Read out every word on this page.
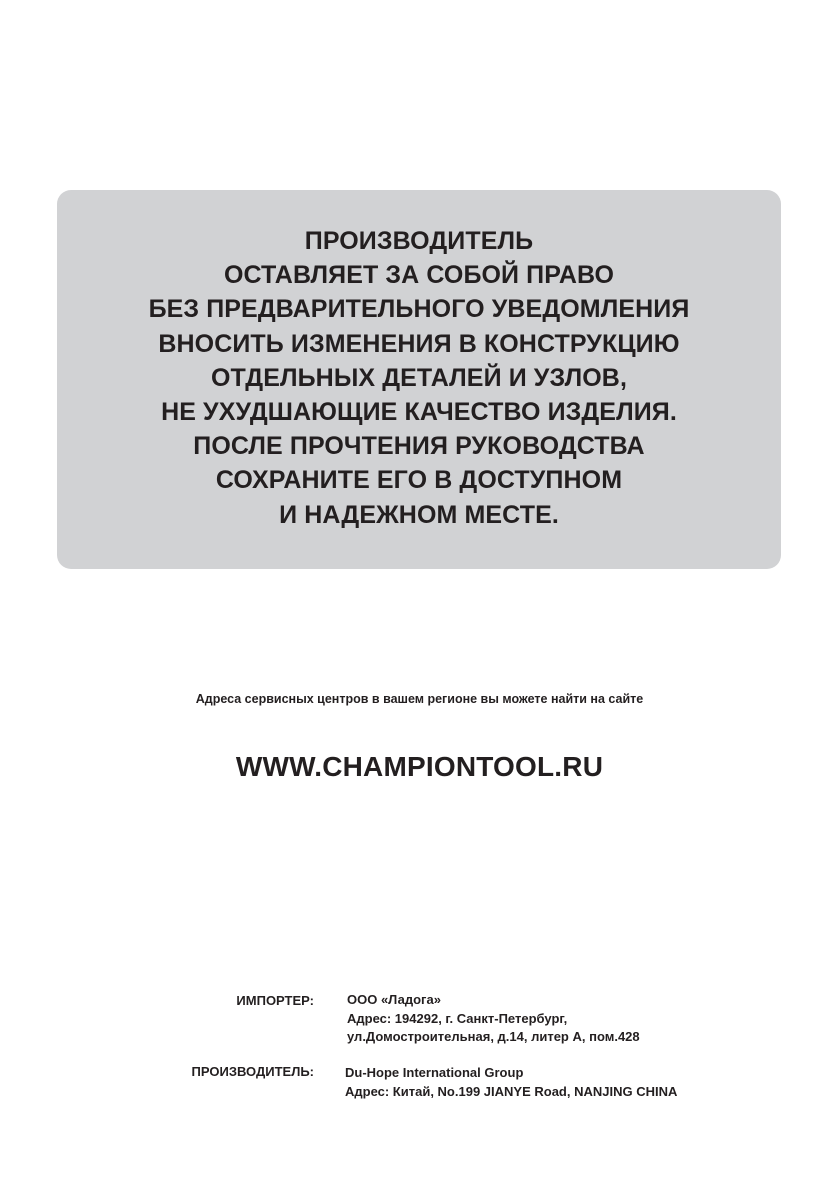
ПРОИЗВОДИТЕЛЬ
ОСТАВЛЯЕТ ЗА СОБОЙ ПРАВО
БЕЗ ПРЕДВАРИТЕЛЬНОГО УВЕДОМЛЕНИЯ
ВНОСИТЬ ИЗМЕНЕНИЯ В КОНСТРУКЦИЮ
ОТДЕЛЬНЫХ ДЕТАЛЕЙ И УЗЛОВ,
НЕ УХУДШАЮЩИЕ КАЧЕСТВО ИЗДЕЛИЯ.
ПОСЛЕ ПРОЧТЕНИЯ РУКОВОДСТВА
СОХРАНИТЕ ЕГО В ДОСТУПНОМ
И НАДЕЖНОМ МЕСТЕ.
Адреса сервисных центров в вашем регионе вы можете найти на сайте
WWW.CHAMPIONTOOL.RU
ИМПОРТЕР:	ООО «Ладога»
Адрес: 194292, г. Санкт-Петербург,
ул.Домостроительная, д.14, литер А, пом.428
ПРОИЗВОДИТЕЛЬ: Du-Hope International Group
Адрес: Китай, No.199 JIANYE Road, NANJING CHINA
